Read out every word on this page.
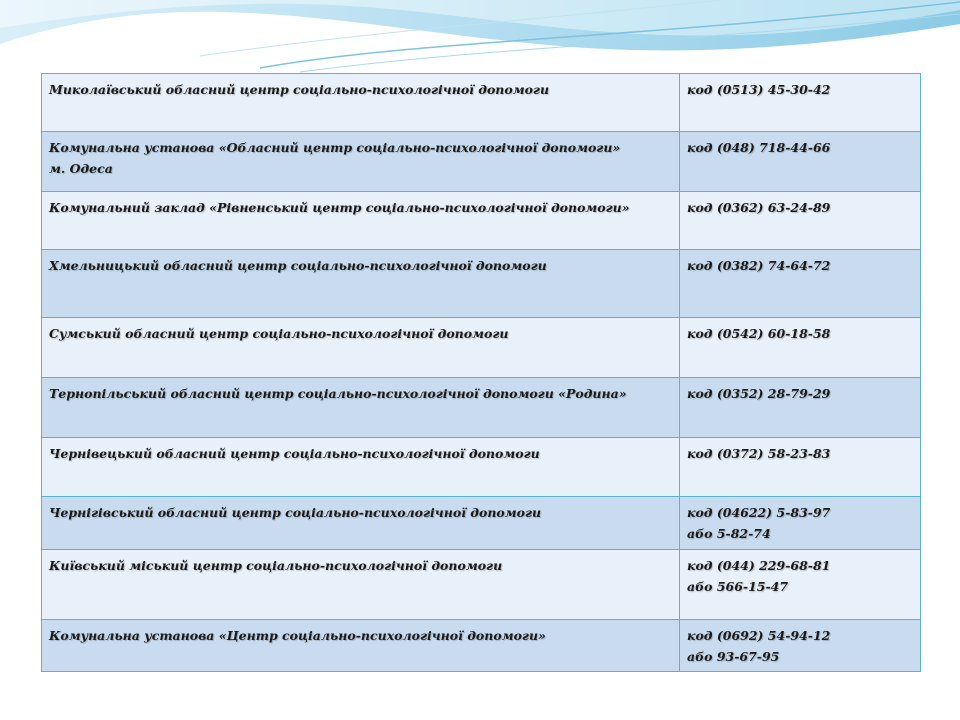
Миколаївський обласний центр соціально-психологічної допомоги	код (0513) 45-30-42

Комунальна установа «Обласний центр соціально-психологічної допомоги»
м. Одеса	код (048) 718-44-66

Комунальний заклад «Рівненський центр соціально-психологічної допомоги»	код (0362) 63-24-89

Хмельницький обласний центр соціально-психологічної допомоги	код (0382) 74-64-72

Сумський обласний центр соціально-психологічної допомоги	код (0542) 60-18-58

Тернопільський обласний центр соціально-психологічної допомоги «Родина»	код (0352) 28-79-29

Чернівецький обласний центр соціально-психологічної допомоги	код (0372) 58-23-83

Чернігівський обласний центр соціально-психологічної допомоги	код (04622) 5-83-97
або 5-82-74

Київський міський центр соціально-психологічної допомоги	код (044) 229-68-81
або 566-15-47

Комунальна установа «Центр соціально-психологічної допомоги»	код (0692) 54-94-12
або 93-67-95
